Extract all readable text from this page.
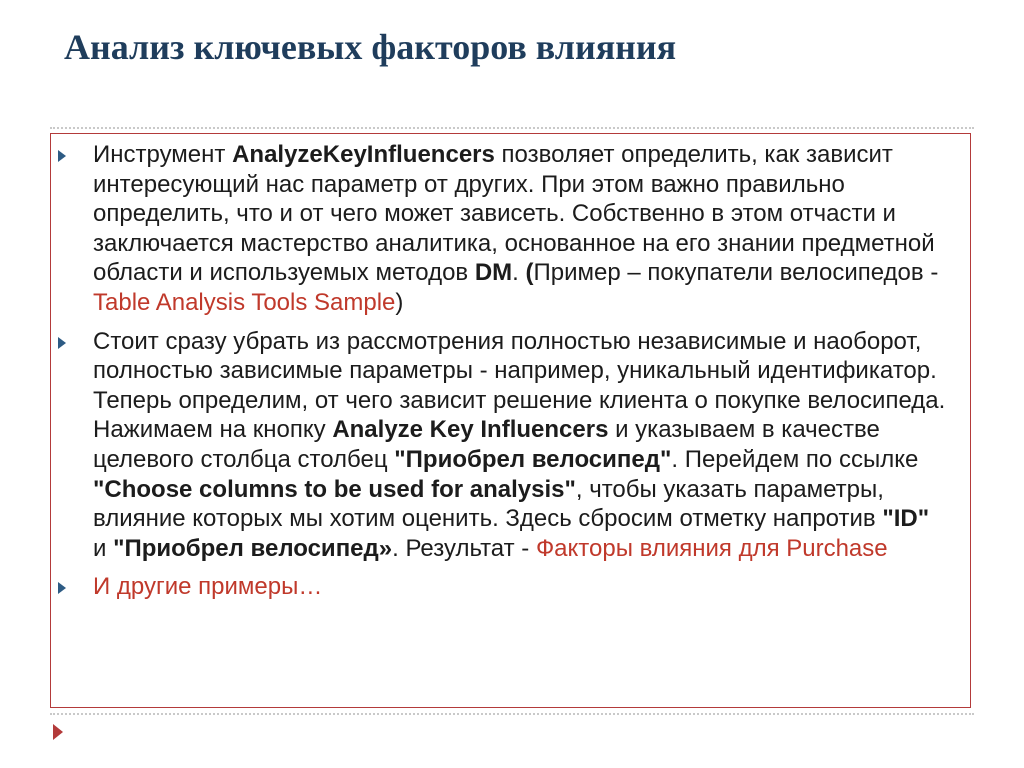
Анализ ключевых факторов влияния
Инструмент AnalyzeKeyInfluencers позволяет определить, как зависит интересующий нас параметр от других. При этом важно правильно определить, что и от чего может зависеть. Собственно в этом отчасти и заключается мастерство аналитика, основанное на его знании предметной области и используемых методов DM. (Пример – покупатели велосипедов - Table Analysis Tools Sample)
Стоит сразу убрать из рассмотрения полностью независимые и наоборот, полностью зависимые параметры - например, уникальный идентификатор. Теперь определим, от чего зависит решение клиента о покупке велосипеда. Нажимаем на кнопку Analyze Key Influencers и указываем в качестве целевого столбца столбец "Приобрел велосипед". Перейдем по ссылке "Choose columns to be used for analysis", чтобы указать параметры, влияние которых мы хотим оценить. Здесь сбросим отметку напротив "ID" и "Приобрел велосипед». Результат - Факторы влияния для Purchase
И другие примеры…
